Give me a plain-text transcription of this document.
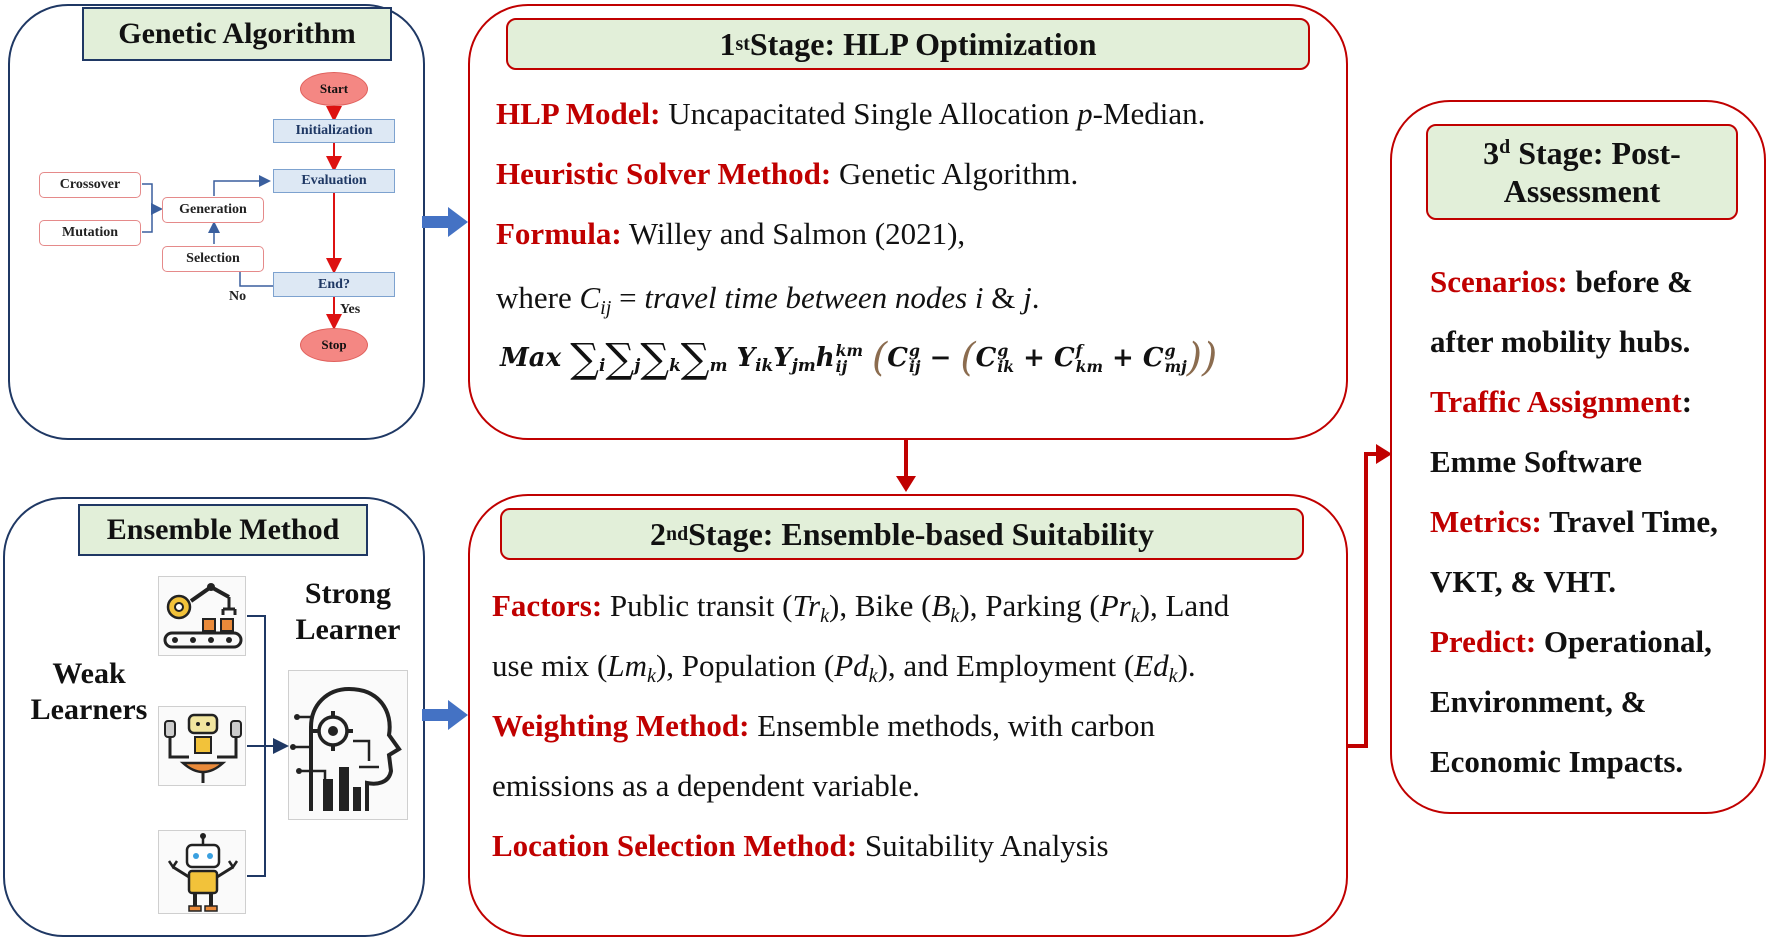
Genetic Algorithm
Start
Initialization
Evaluation
Crossover
Mutation
Generation
Selection
End?
No
Yes
Stop
Ensemble Method
Weak
Learners
Strong
Learner
1 st Stage: HLP Optimization
HLP Model: Uncapacitated Single Allocation p-Median.
Heuristic Solver Method: Genetic Algorithm.
Formula: Willey and Salmon (2021),
where $C_{ij}$ = travel time between nodes i & j.
Max $\sum_i\sum_j\sum_k\sum_m$ $Y_{ik}Y_{jm}h$ km
ij (C g
ij − (C g
ik + C f
km + C g
mj ))
2 nd Stage: Ensemble-based Suitability
Factors: Public transit $(Tr_k)$, Bike $(B_k)$, Parking $(Pr_k)$, Land
use mix $(Lm_k)$, Population $(Pd_k)$, and Employment $(Ed_k)$.
Weighting Method: Ensemble methods, with carbon
emissions as a dependent variable.
Location Selection Method: Suitability Analysis
3$^d$ Stage: Post-
Assessment
Scenarios: before &
after mobility hubs.
Traffic Assignment:
Emme Software
Metrics: Travel Time,
VKT, & VHT.
Predict: Operational,
Environment, &
Economic Impacts.
